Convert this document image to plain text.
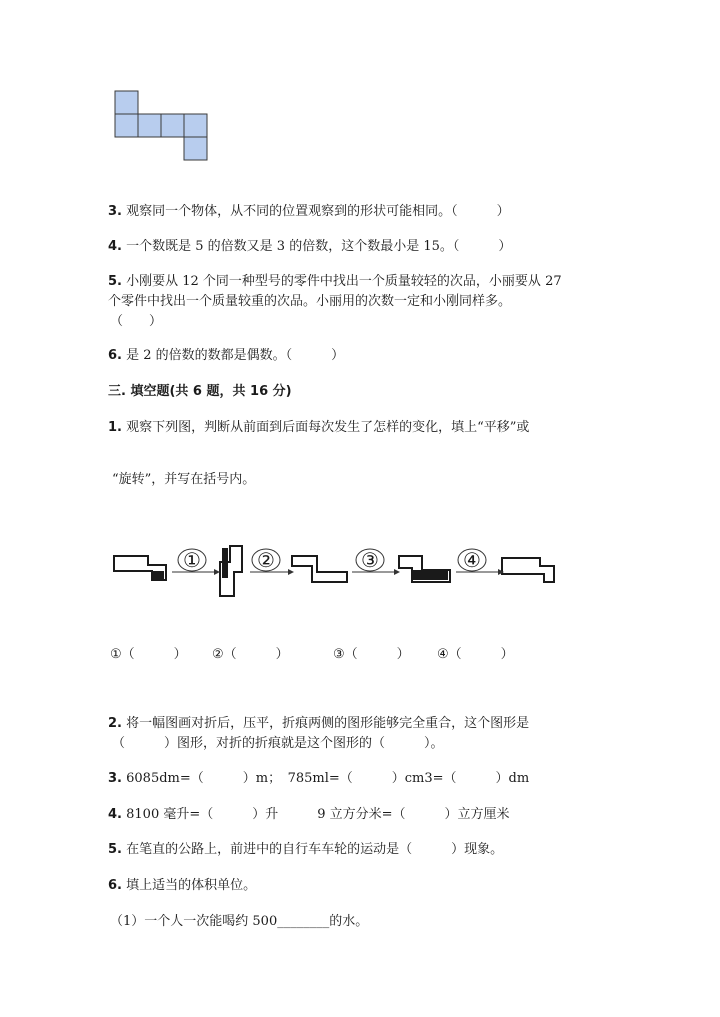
3. 观察同一个物体，从不同的位置观察到的形状可能相同。（　　　）
4. 一个数既是 5 的倍数又是 3 的倍数，这个数最小是 15。（　　　）
5. 小刚要从 12 个同一种型号的零件中找出一个质量较轻的次品，小丽要从 27
个零件中找出一个质量较重的次品。小丽用的次数一定和小刚同样多。
（　　）
6. 是 2 的倍数的数都是偶数。（　　　）
三. 填空题(共 6 题，共 16 分)
1. 观察下列图，判断从前面到后面每次发生了怎样的变化，填上“平移”或
“旋转”，并写在括号内。
①	②	③	④
①（　　　） ②（　　　）	③（　　　） ④（　　　）
2. 将一幅图画对折后，压平，折痕两侧的图形能够完全重合，这个图形是
（　　　）图形，对折的折痕就是这个图形的（　　　）。
3. 6085dm=（　　　）m；　785ml=（　　　）cm3=（　　　）dm
4. 8100 毫升=（　　　）升　　　9 立方分米=（　　　）立方厘米
5. 在笔直的公路上，前进中的自行车车轮的运动是（　　　）现象。
6. 填上适当的体积单位。
（1）一个人一次能喝约 500________的水。
